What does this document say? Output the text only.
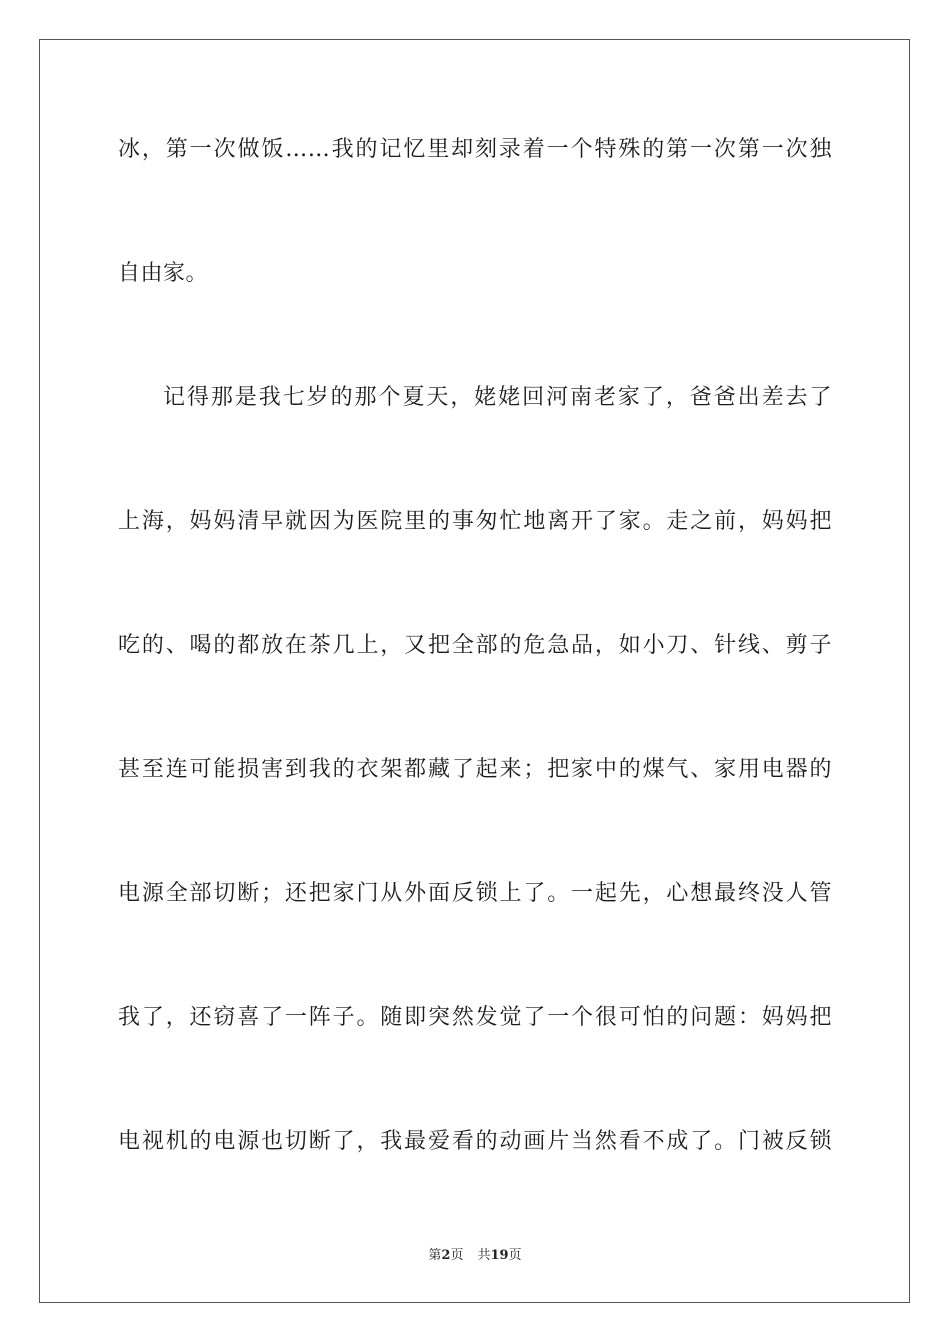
冰，第一次做饭……我的记忆里却刻录着一个特殊的第一次第一次独
自由家。
记得那是我七岁的那个夏天，姥姥回河南老家了，爸爸出差去了
上海，妈妈清早就因为医院里的事匆忙地离开了家。走之前，妈妈把
吃的、喝的都放在茶几上，又把全部的危急品，如小刀、针线、剪子
甚至连可能损害到我的衣架都藏了起来；把家中的煤气、家用电器的
电源全部切断；还把家门从外面反锁上了。一起先，心想最终没人管
我了，还窃喜了一阵子。随即突然发觉了一个很可怕的问题：妈妈把
电视机的电源也切断了，我最爱看的动画片当然看不成了。门被反锁
第2页 共19页
